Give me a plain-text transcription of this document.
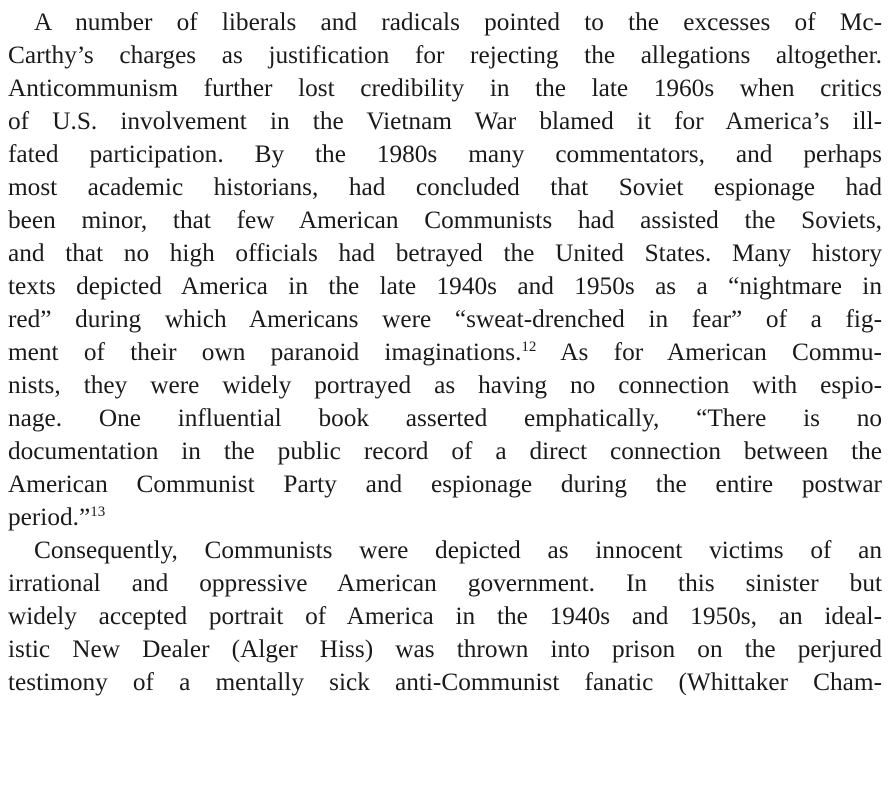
A number of liberals and radicals pointed to the excesses of Mc-
Carthy’s charges as justification for rejecting the allegations altogether.
Anticommunism further lost credibility in the late 1960s when critics
of U.S. involvement in the Vietnam War blamed it for America’s ill-
fated participation. By the 1980s many commentators, and perhaps
most academic historians, had concluded that Soviet espionage had
been minor, that few American Communists had assisted the Soviets,
and that no high officials had betrayed the United States. Many history
texts depicted America in the late 1940s and 1950s as a “nightmare in
red” during which Americans were “sweat-drenched in fear” of a fig-
ment of their own paranoid imaginations.$^{12}$ As for American Commu-
nists, they were widely portrayed as having no connection with espio-
nage. One influential book asserted emphatically, “There is no
documentation in the public record of a direct connection between the
American Communist Party and espionage during the entire postwar
period.”$^{13}$
Consequently, Communists were depicted as innocent victims of an
irrational and oppressive American government. In this sinister but
widely accepted portrait of America in the 1940s and 1950s, an ideal-
istic New Dealer (Alger Hiss) was thrown into prison on the perjured
testimony of a mentally sick anti-Communist fanatic (Whittaker Cham-
